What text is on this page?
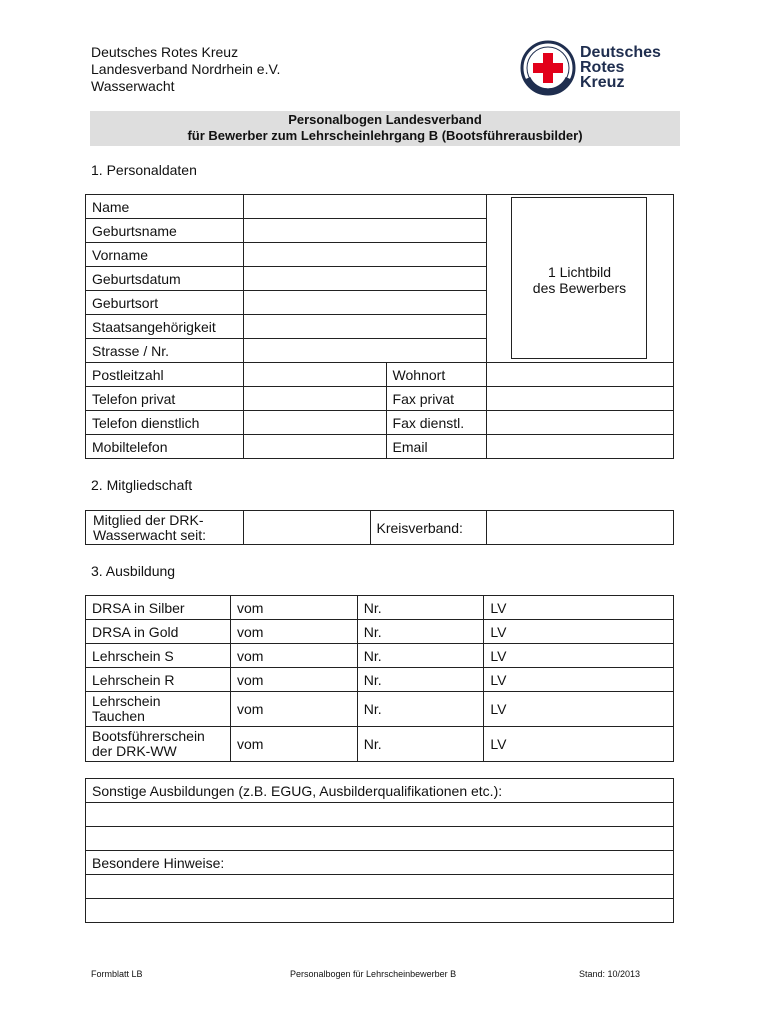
Deutsches Rotes Kreuz
Landesverband Nordrhein e.V.
Wasserwacht
Deutsches
Rotes
Kreuz
Personalbogen Landesverband
für Bewerber zum Lehrscheinlehrgang B (Bootsführerausbilder)
1. Personaldaten
Name			1 Lichtbild
des Bewerbers

Geburtsname			
Vorname			
Geburtsdatum			
Geburtsort			
Staatsangehörigkeit			
Strasse / Nr.			
Postleitzahl		Wohnort	
Telefon privat		Fax privat	
Telefon dienstlich		Fax dienstl.	
Mobiltelefon		Email	
2. Mitgliedschaft
Mitglied der DRK-Wasserwacht seit:		Kreisverband:	
3. Ausbildung
DRSA in Silber	vom	Nr.	LV
DRSA in Gold	vom	Nr.	LV
Lehrschein S	vom	Nr.	LV
Lehrschein R	vom	Nr.	LV
Lehrschein Tauchen	vom	Nr.	LV
Bootsführerschein der DRK-WW	vom	Nr.	LV
Sonstige Ausbildungen (z.B. EGUG, Ausbilderqualifikationen etc.):

Besondere Hinweise:

Formblatt LB	Personalbogen für Lehrscheinbewerber B	Stand: 10/2013
